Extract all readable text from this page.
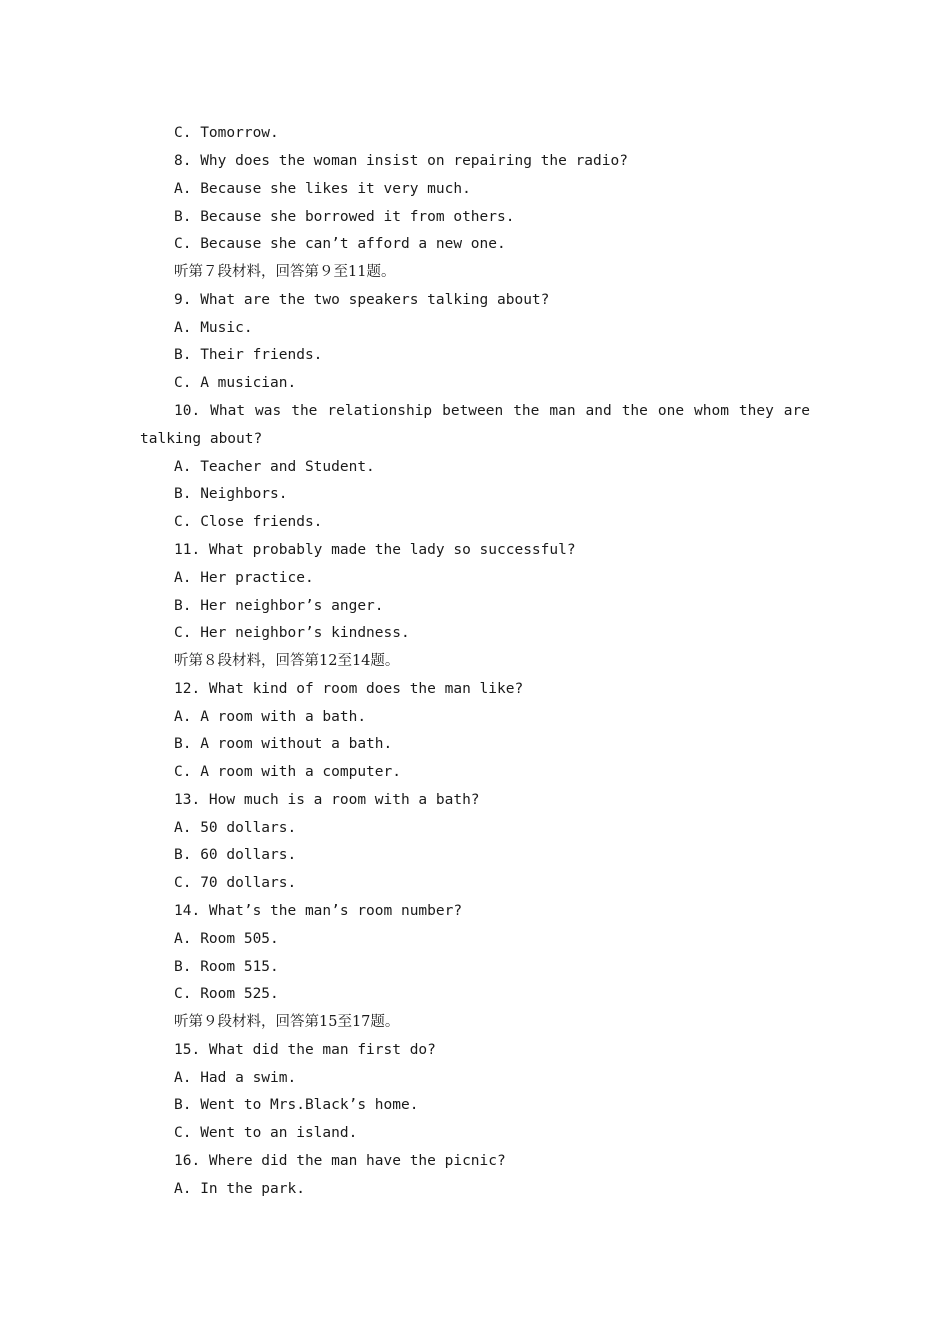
C. Tomorrow.
8. Why does the woman insist on repairing the radio?
A. Because she likes it very much.
B. Because she borrowed it from others.
C. Because she can’t afford a new one.
听第７段材料，回答第９至11题。
9. What are the two speakers talking about?
A. Music.
B. Their friends.
C. A musician.
10. What was the relationship between the man and the one whom they are
talking about?
A. Teacher and Student.
B. Neighbors.
C. Close friends.
11. What probably made the lady so successful?
A. Her practice.
B. Her neighbor’s anger.
C. Her neighbor’s kindness.
听第８段材料，回答第12至14题。
12. What kind of room does the man like?
A. A room with a bath.
B. A room without a bath.
C. A room with a computer.
13. How much is a room with a bath?
A. 50 dollars.
B. 60 dollars.
C. 70 dollars.
14. What’s the man’s room number?
A. Room 505.
B. Room 515.
C. Room 525.
听第９段材料，回答第15至17题。
15. What did the man first do?
A. Had a swim.
B. Went to Mrs.Black’s home.
C. Went to an island.
16. Where did the man have the picnic?
A. In the park.
